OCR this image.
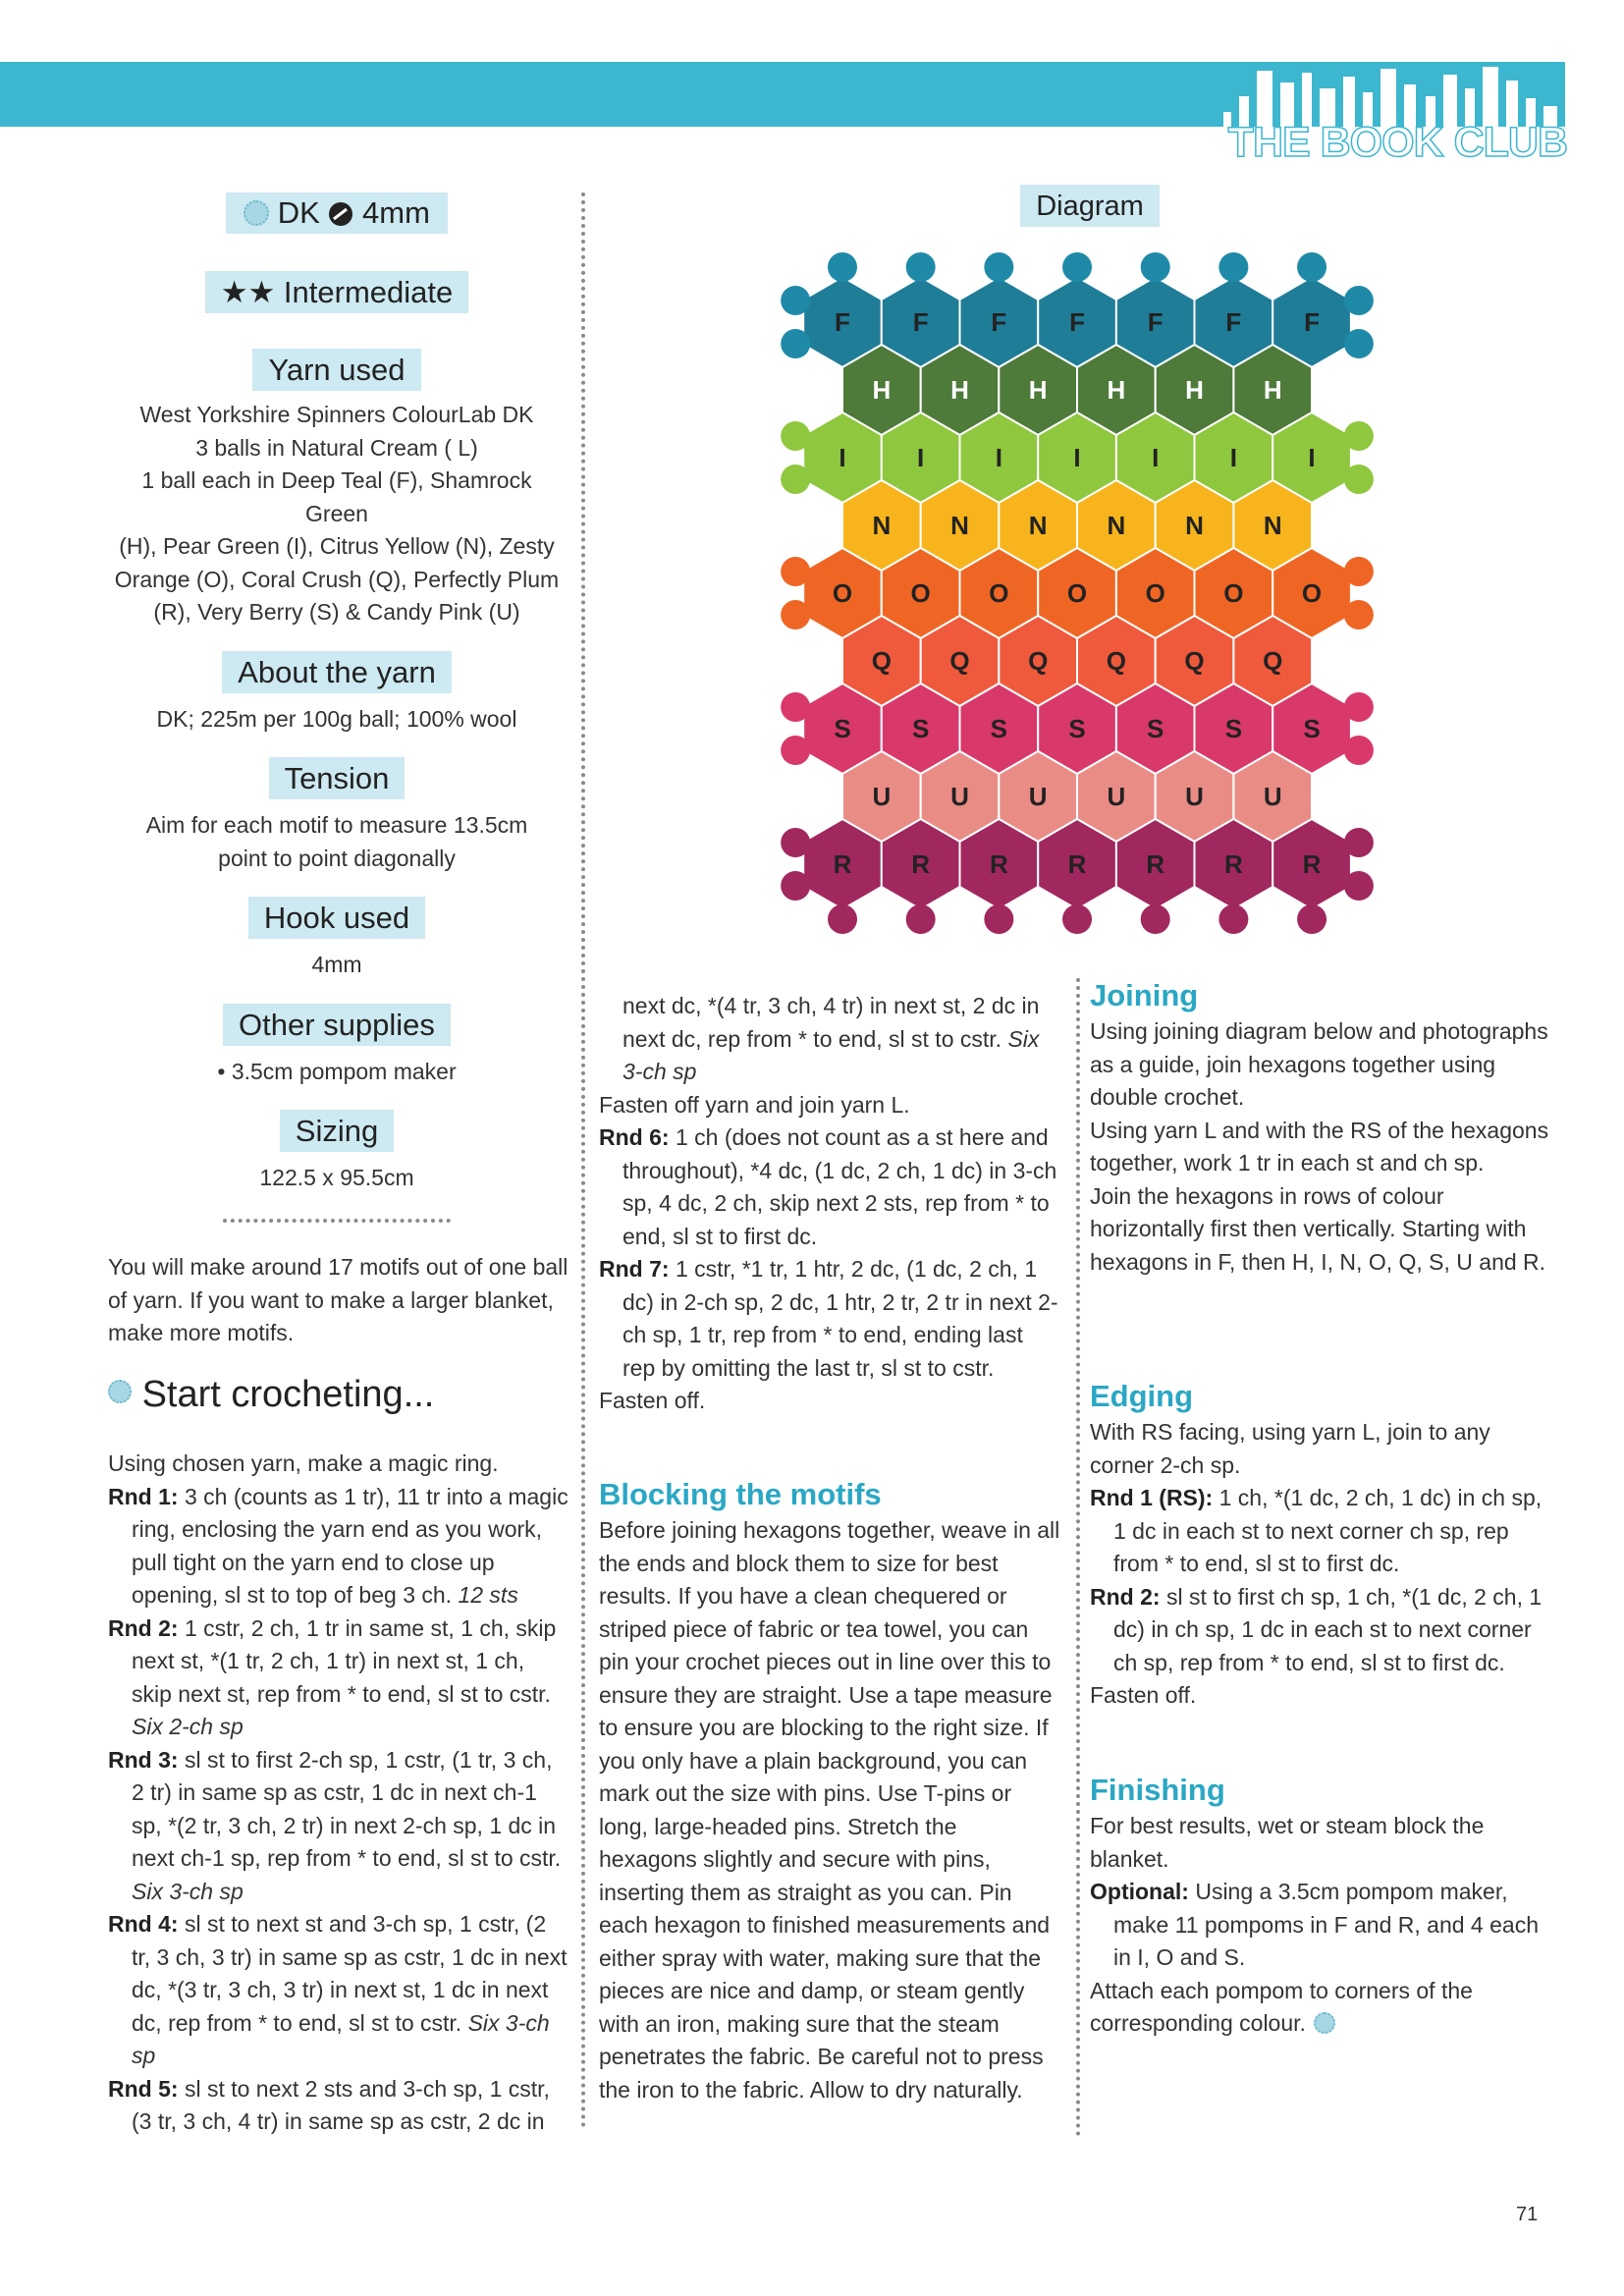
THE BOOK CLUB
DK 4mm
★★ Intermediate
Yarn used

West Yorkshire Spinners ColourLab DK
3 balls in Natural Cream ( L)
1 ball each in Deep Teal (F), Shamrock Green
(H), Pear Green (I), Citrus Yellow (N), Zesty
Orange (O), Coral Crush (Q), Perfectly Plum
(R), Very Berry (S) & Candy Pink (U)

About the yarn

DK; 225m per 100g ball; 100% wool

Tension

Aim for each motif to measure 13.5cm
point to point diagonally

Hook used

4mm

Other supplies

• 3.5cm pompom maker

Sizing

122.5 x 95.5cm

You will make around 17 motifs out of one ball of yarn. If you want to make a larger blanket, make more motifs.

Start crocheting...

Using chosen yarn, make a magic ring.

Rnd 1: 3 ch (counts as 1 tr), 11 tr into a magic ring, enclosing the yarn end as you work, pull tight on the yarn end to close up opening, sl st to top of beg 3 ch. 12 sts

Rnd 2: 1 cstr, 2 ch, 1 tr in same st, 1 ch, skip next st, *(1 tr, 2 ch, 1 tr) in next st, 1 ch, skip next st, rep from * to end, sl st to cstr. Six 2-ch sp

Rnd 3: sl st to first 2-ch sp, 1 cstr, (1 tr, 3 ch, 2 tr) in same sp as cstr, 1 dc in next ch-1 sp, *(2 tr, 3 ch, 2 tr) in next 2-ch sp, 1 dc in next ch-1 sp, rep from * to end, sl st to cstr. Six 3-ch sp

Rnd 4: sl st to next st and 3-ch sp, 1 cstr, (2 tr, 3 ch, 3 tr) in same sp as cstr, 1 dc in next dc, *(3 tr, 3 ch, 3 tr) in next st, 1 dc in next dc, rep from * to end, sl st to cstr. Six 3-ch sp

Rnd 5: sl st to next 2 sts and 3-ch sp, 1 cstr, (3 tr, 3 ch, 4 tr) in same sp as cstr, 2 dc in

next dc, *(4 tr, 3 ch, 4 tr) in next st, 2 dc in next dc, rep from * to end, sl st to cstr. Six 3-ch sp

Fasten off yarn and join yarn L.

Rnd 6: 1 ch (does not count as a st here and throughout), *4 dc, (1 dc, 2 ch, 1 dc) in 3-ch sp, 4 dc, 2 ch, skip next 2 sts, rep from * to end, sl st to first dc.

Rnd 7: 1 cstr, *1 tr, 1 htr, 2 dc, (1 dc, 2 ch, 1 dc) in 2-ch sp, 2 dc, 1 htr, 2 tr, 2 tr in next 2-ch sp, 1 tr, rep from * to end, ending last rep by omitting the last tr, sl st to cstr.

Fasten off.

Blocking the motifs

Before joining hexagons together, weave in all the ends and block them to size for best results. If you have a clean chequered or striped piece of fabric or tea towel, you can pin your crochet pieces out in line over this to ensure they are straight. Use a tape measure to ensure you are blocking to the right size. If you only have a plain background, you can mark out the size with pins. Use T-pins or long, large-headed pins. Stretch the hexagons slightly and secure with pins, inserting them as straight as you can. Pin each hexagon to finished measurements and either spray with water, making sure that the pieces are nice and damp, or steam gently with an iron, making sure that the steam penetrates the fabric. Be careful not to press the iron to the fabric. Allow to dry naturally.

Joining

Using joining diagram below and photographs as a guide, join hexagons together using double crochet.

Using yarn L and with the RS of the hexagons together, work 1 tr in each st and ch sp.

Join the hexagons in rows of colour horizontally first then vertically. Starting with hexagons in F, then H, I, N, O, Q, S, U and R.

Edging

With RS facing, using yarn L, join to any corner 2-ch sp.

Rnd 1 (RS): 1 ch, *(1 dc, 2 ch, 1 dc) in ch sp, 1 dc in each st to next corner ch sp, rep from * to end, sl st to first dc.

Rnd 2: sl st to first ch sp, 1 ch, *(1 dc, 2 ch, 1 dc) in ch sp, 1 dc in each st to next corner ch sp, rep from * to end, sl st to first dc.

Fasten off.

Finishing

For best results, wet or steam block the blanket.

Optional: Using a 3.5cm pompom maker, make 11 pompoms in F and R, and 4 each in I, O and S.

Attach each pompom to corners of the corresponding colour.

Diagram
F F F F F F F
H H H H H H
I	I	I	I	I	I	I
N N N N N N
O O O O O O O
Q Q Q Q Q Q
S S S S S S S
U U U U U U
R R R R R R R
71
